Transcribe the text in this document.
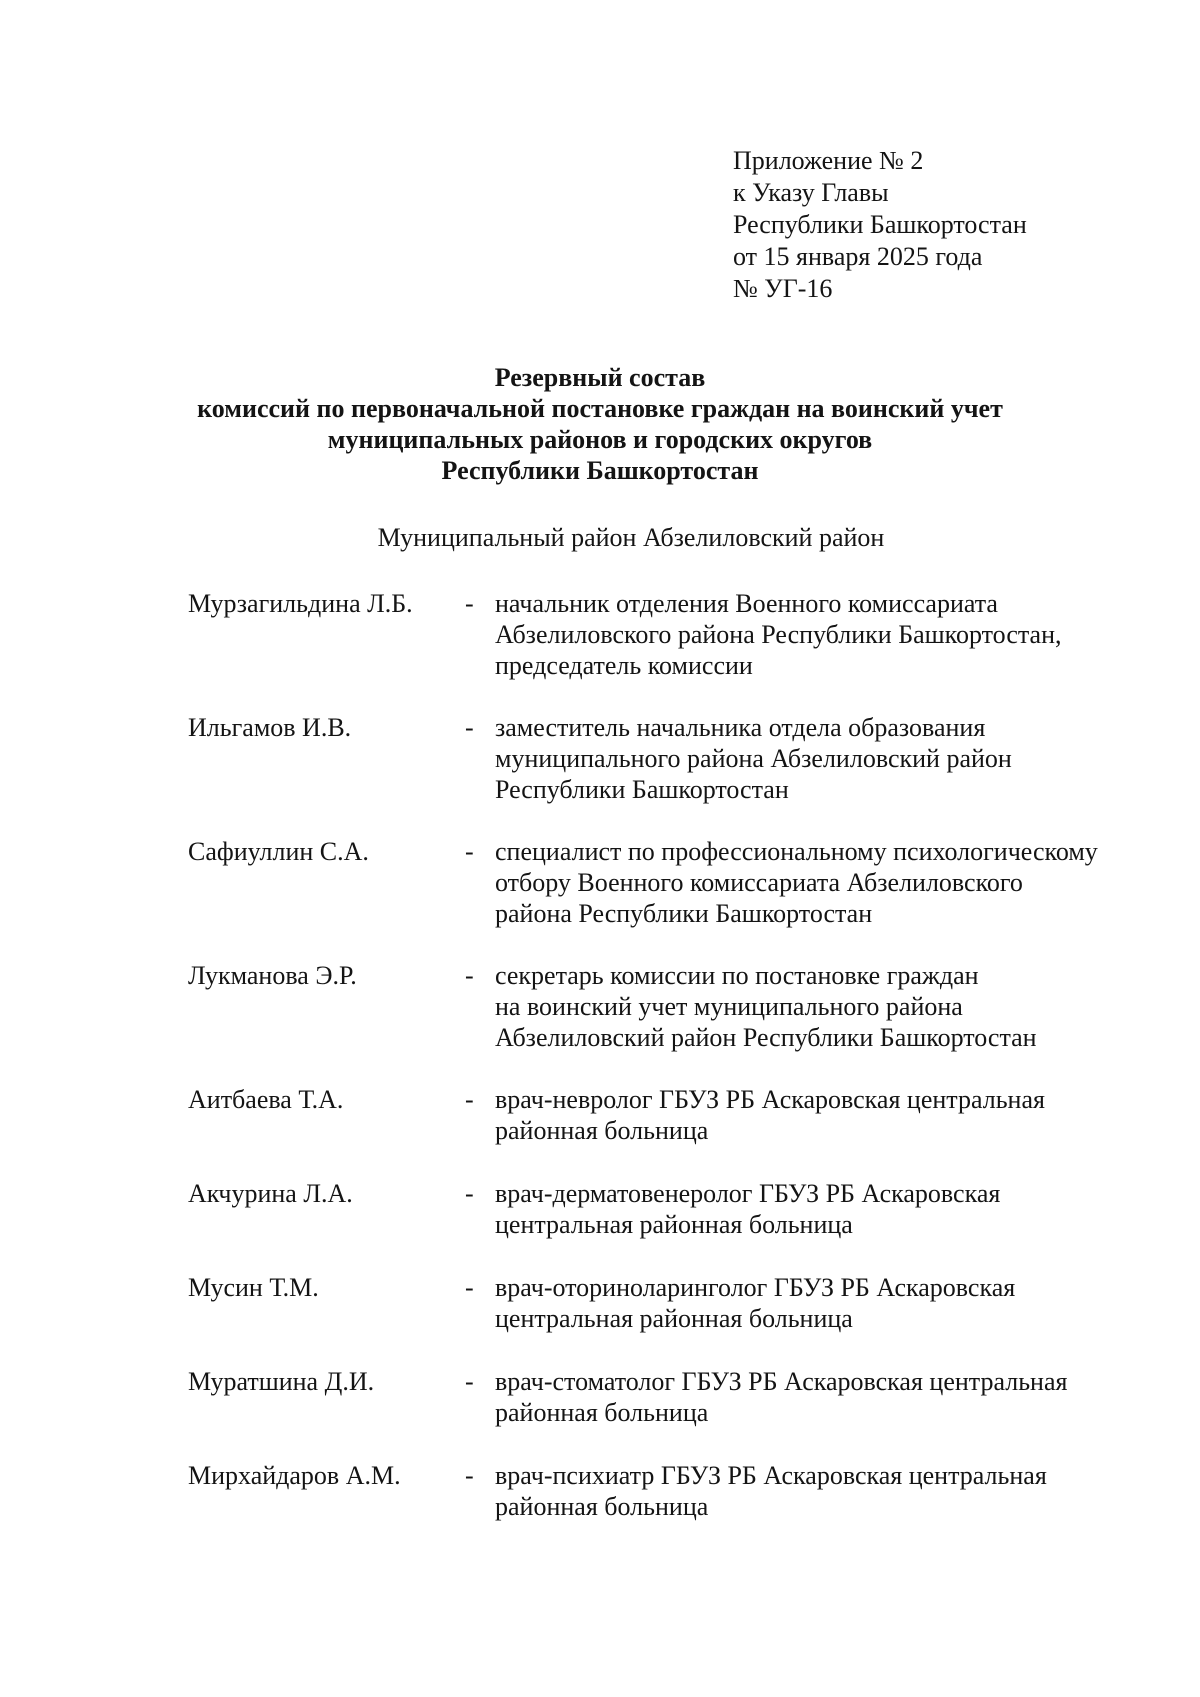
Приложение № 2
к Указу Главы
Республики Башкортостан
от 15 января 2025 года
№ УГ-16
Резервный состав
комиссий по первоначальной постановке граждан на воинский учет
муниципальных районов и городских округов
Республики Башкортостан
Муниципальный район Абзелиловский район
Мурзагильдина Л.Б. - начальник отделения Военного комиссариата
Абзелиловского района Республики Башкортостан,
председатель комиссии
Ильгамов И.В.	- заместитель начальника отдела образования
муниципального района Абзелиловский район
Республики Башкортостан
Сафиуллин С.А.	- специалист по профессиональному психологическому
отбору Военного комиссариата Абзелиловского
района Республики Башкортостан
Лукманова Э.Р.	- секретарь комиссии по постановке граждан
на воинский учет муниципального района
Абзелиловский район Республики Башкортостан
Аитбаева Т.А.	- врач-невролог ГБУЗ РБ Аскаровская центральная
районная больница
Акчурина Л.А.	- врач-дерматовенеролог ГБУЗ РБ Аскаровская
центральная районная больница
Мусин Т.М.	- врач-оториноларинголог ГБУЗ РБ Аскаровская
центральная районная больница
Муратшина Д.И.	- врач-стоматолог ГБУЗ РБ Аскаровская центральная
районная больница
Мирхайдаров А.М. - врач-психиатр ГБУЗ РБ Аскаровская центральная
районная больница
